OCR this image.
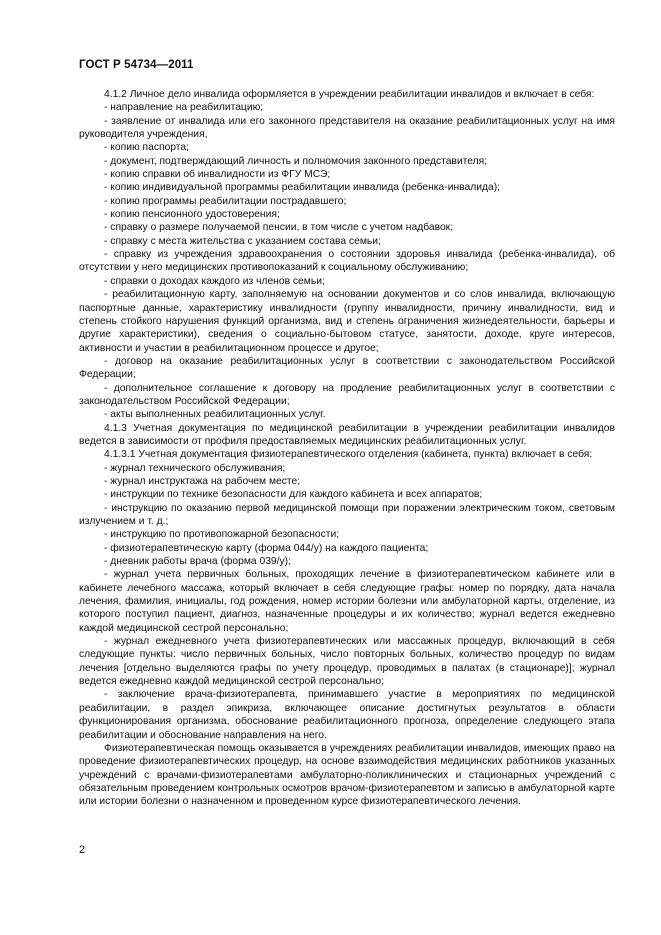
ГОСТ Р 54734—2011

4.1.2 Личное дело инвалида оформляется в учреждении реабилитации инвалидов и включает в себя:

- направление на реабилитацию;

- заявление от инвалида или его законного представителя на оказание реабилитационных услуг на имя руководителя учреждения,

- копию паспорта;

- документ, подтверждающий личность и полномочия законного представителя;

- копию справки об инвалидности из ФГУ МСЭ;

- копию индивидуальной программы реабилитации инвалида (ребенка-инвалида);

- копию программы реабилитации пострадавшего;

- копию пенсионного удостоверения;

- справку о размере получаемой пенсии, в том числе с учетом надбавок;

- справку с места жительства с указанием состава семьи;

- справку из учреждения здравоохранения о состоянии здоровья инвалида (ребенка-инвалида), об отсутствии у него медицинских противопоказаний к социальному обслуживанию;

- справки о доходах каждого из членов семьи;

- реабилитационную карту, заполняемую на основании документов и со слов инвалида, включающую паспортные данные, характеристику инвалидности (группу инвалидности, причину инвалидности, вид и степень стойкого нарушения функций организма, вид и степень ограничения жизнедеятельности, барьеры и другие характеристики), сведения о социально-бытовом статусе, занятости, доходе, круге интересов, активности и участии в реабилитационном процессе и другое;

- договор на оказание реабилитационных услуг в соответствии с законодательством Российской Федерации;

- дополнительное соглашение к договору на продление реабилитационных услуг в соответствии с законодательством Российской Федерации;

- акты выполненных реабилитационных услуг.

4.1.3 Учетная документация по медицинской реабилитации в учреждении реабилитации инвалидов ведется в зависимости от профиля предоставляемых медицинских реабилитационных услуг.

4.1.3.1 Учетная документация физиотерапевтического отделения (кабинета, пункта) включает в себя:

- журнал технического обслуживания;

- журнал инструктажа на рабочем месте;

- инструкции по технике безопасности для каждого кабинета и всех аппаратов;

- инструкцию по оказанию первой медицинской помощи при поражении электрическим током, световым излучением и т. д.;

- инструкцию по противопожарной безопасности;

- физиотерапевтическую карту (форма 044/у) на каждого пациента;

- дневник работы врача (форма 039/у);

- журнал учета первичных больных, проходящих лечение в физиотерапевтическом кабинете или в кабинете лечебного массажа, который включает в себя следующие графы: номер по порядку, дата начала лечения, фамилия, инициалы, год рождения, номер истории болезни или амбулаторной карты, отделение, из которого поступил пациент, диагноз, назначенные процедуры и их количество; журнал ведется ежедневно каждой медицинской сестрой персонально;

- журнал ежедневного учета физиотерапевтических или массажных процедур, включающий в себя следующие пункты: число первичных больных, число повторных больных, количество процедур по видам лечения [отдельно выделяются графы по учету процедур, проводимых в палатах (в стационаре)]; журнал ведется ежедневно каждой медицинской сестрой персонально;

- заключение врача-физиотерапевта, принимавшего участие в мероприятиях по медицинской реабилитации, в раздел эпикриза, включающее описание достигнутых результатов в области функционирования организма, обоснование реабилитационного прогноза, определение следующего этапа реабилитации и обоснование направления на него.

Физиотерапевтическая помощь оказывается в учреждениях реабилитации инвалидов, имеющих право на проведение физиотерапевтических процедур, на основе взаимодействия медицинских работников указанных учреждений с врачами-физиотерапевтами амбулаторно-поликлинических и стационарных учреждений с обязательным проведением контрольных осмотров врачом-физиотерапевтом и записью в амбулаторной карте или истории болезни о назначенном и проведенном курсе физиотерапевтического лечения.

2
